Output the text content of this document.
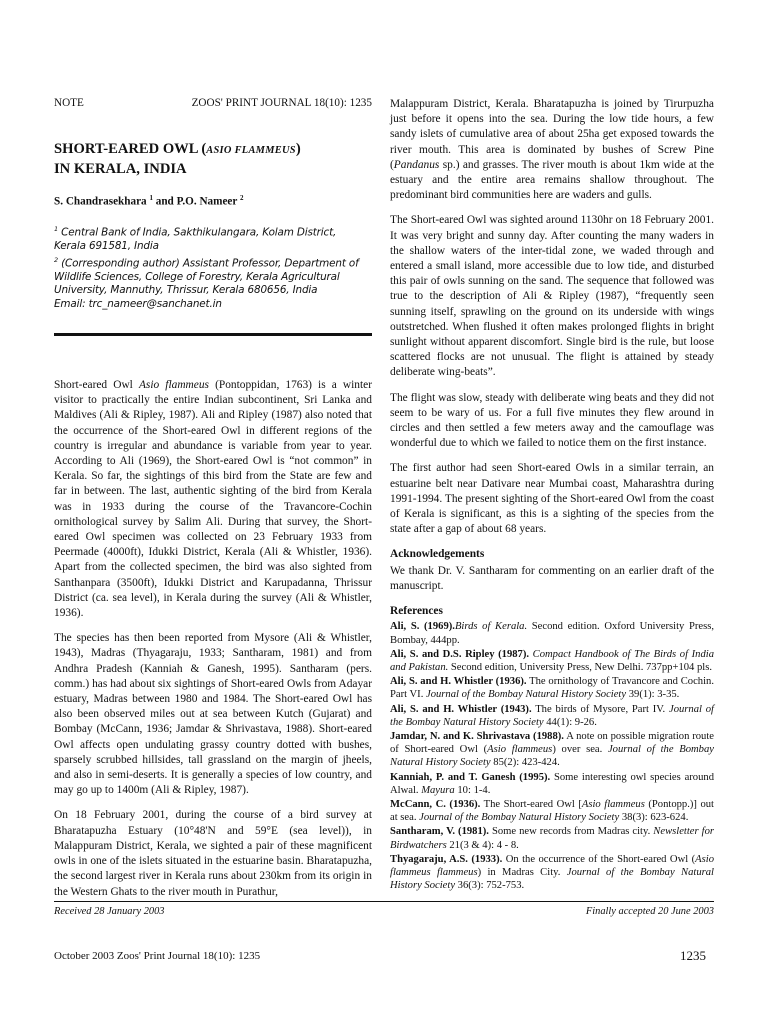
NOTE	ZOOS' PRINT JOURNAL 18(10): 1235
SHORT-EARED OWL (ASIO FLAMMEUS)
IN KERALA, INDIA
S. Chandrasekhara $^1$ and P.O. Nameer $^2$
$^1$ Central Bank of India, Sakthikulangara, Kolam District, Kerala 691581, India
$^2$ (Corresponding author) Assistant Professor, Department of Wildlife Sciences, College of Forestry, Kerala Agricultural University, Mannuthy, Thrissur, Kerala 680656, India
Email: trc_nameer@sanchanet.in

Short-eared Owl Asio flammeus (Pontoppidan, 1763) is a winter visitor to practically the entire Indian subcontinent, Sri Lanka and Maldives (Ali & Ripley, 1987). Ali and Ripley (1987) also noted that the occurrence of the Short-eared Owl in different regions of the country is irregular and abundance is variable from year to year. According to Ali (1969), the Short-eared Owl is “not common” in Kerala. So far, the sightings of this bird from the State are few and far in between. The last, authentic sighting of the bird from Kerala was in 1933 during the course of the Travancore-Cochin ornithological survey by Salim Ali. During that survey, the Short-eared Owl specimen was collected on 23 February 1933 from Peermade (4000ft), Idukki District, Kerala (Ali & Whistler, 1936). Apart from the collected specimen, the bird was also sighted from Santhanpara (3500ft), Idukki District and Karupadanna, Thrissur District (ca. sea level), in Kerala during the survey (Ali & Whistler, 1936).

The species has then been reported from Mysore (Ali & Whistler, 1943), Madras (Thyagaraju, 1933; Santharam, 1981) and from Andhra Pradesh (Kanniah & Ganesh, 1995). Santharam (pers. comm.) has had about six sightings of Short-eared Owls from Adayar estuary, Madras between 1980 and 1984. The Short-eared Owl has also been observed miles out at sea between Kutch (Gujarat) and Bombay (McCann, 1936; Jamdar & Shrivastava, 1988). Short-eared Owl affects open undulating grassy country dotted with bushes, sparsely scrubbed hillsides, tall grassland on the margin of jheels, and also in semi-deserts. It is generally a species of low country, and may go up to 1400m (Ali & Ripley, 1987).

On 18 February 2001, during the course of a bird survey at Bharatapuzha Estuary (10°48'N and 59°E (sea level)), in Malappuram District, Kerala, we sighted a pair of these magnificent owls in one of the islets situated in the estuarine basin. Bharatapuzha, the second largest river in Kerala runs about 230km from its origin in the Western Ghats to the river mouth in Purathur,

Malappuram District, Kerala. Bharatapuzha is joined by Tirurpuzha just before it opens into the sea. During the low tide hours, a few sandy islets of cumulative area of about 25ha get exposed towards the river mouth. This area is dominated by bushes of Screw Pine (Pandanus sp.) and grasses. The river mouth is about 1km wide at the estuary and the entire area remains shallow throughout. The predominant bird communities here are waders and gulls.

The Short-eared Owl was sighted around 1130hr on 18 February 2001. It was very bright and sunny day. After counting the many waders in the shallow waters of the inter-tidal zone, we waded through and entered a small island, more accessible due to low tide, and disturbed this pair of owls sunning on the sand. The sequence that followed was true to the description of Ali & Ripley (1987), “frequently seen sunning itself, sprawling on the ground on its underside with wings outstretched. When flushed it often makes prolonged flights in bright sunlight without apparent discomfort. Single bird is the rule, but loose scattered flocks are not unusual. The flight is attained by steady deliberate wing-beats”.

The flight was slow, steady with deliberate wing beats and they did not seem to be wary of us. For a full five minutes they flew around in circles and then settled a few meters away and the camouflage was wonderful due to which we failed to notice them on the first instance.

The first author had seen Short-eared Owls in a similar terrain, an estuarine belt near Dativare near Mumbai coast, Maharashtra during 1991-1994. The present sighting of the Short-eared Owl from the coast of Kerala is significant, as this is a sighting of the species from the state after a gap of about 68 years.

Acknowledgements

We thank Dr. V. Santharam for commenting on an earlier draft of the manuscript.

References

Ali, S. (1969).Birds of Kerala. Second edition. Oxford University Press, Bombay, 444pp.

Ali, S. and D.S. Ripley (1987). Compact Handbook of The Birds of India and Pakistan. Second edition, University Press, New Delhi. 737pp+104 pls.

Ali, S. and H. Whistler (1936). The ornithology of Travancore and Cochin. Part VI. Journal of the Bombay Natural History Society 39(1): 3-35.

Ali, S. and H. Whistler (1943). The birds of Mysore, Part IV. Journal of the Bombay Natural History Society 44(1): 9-26.

Jamdar, N. and K. Shrivastava (1988). A note on possible migration route of Short-eared Owl (Asio flammeus) over sea. Journal of the Bombay Natural History Society 85(2): 423-424.

Kanniah, P. and T. Ganesh (1995). Some interesting owl species around Alwal. Mayura 10: 1-4.

McCann, C. (1936). The Short-eared Owl [Asio flammeus (Pontopp.)] out at sea. Journal of the Bombay Natural History Society 38(3): 623-624.

Santharam, V. (1981). Some new records from Madras city. Newsletter for Birdwatchers 21(3 & 4): 4 - 8.

Thyagaraju, A.S. (1933). On the occurrence of the Short-eared Owl (Asio flammeus flammeus) in Madras City. Journal of the Bombay Natural History Society 36(3): 752-753.

Received 28 January 2003	Finally accepted 20 June 2003
October 2003 Zoos' Print Journal 18(10): 1235	1235
